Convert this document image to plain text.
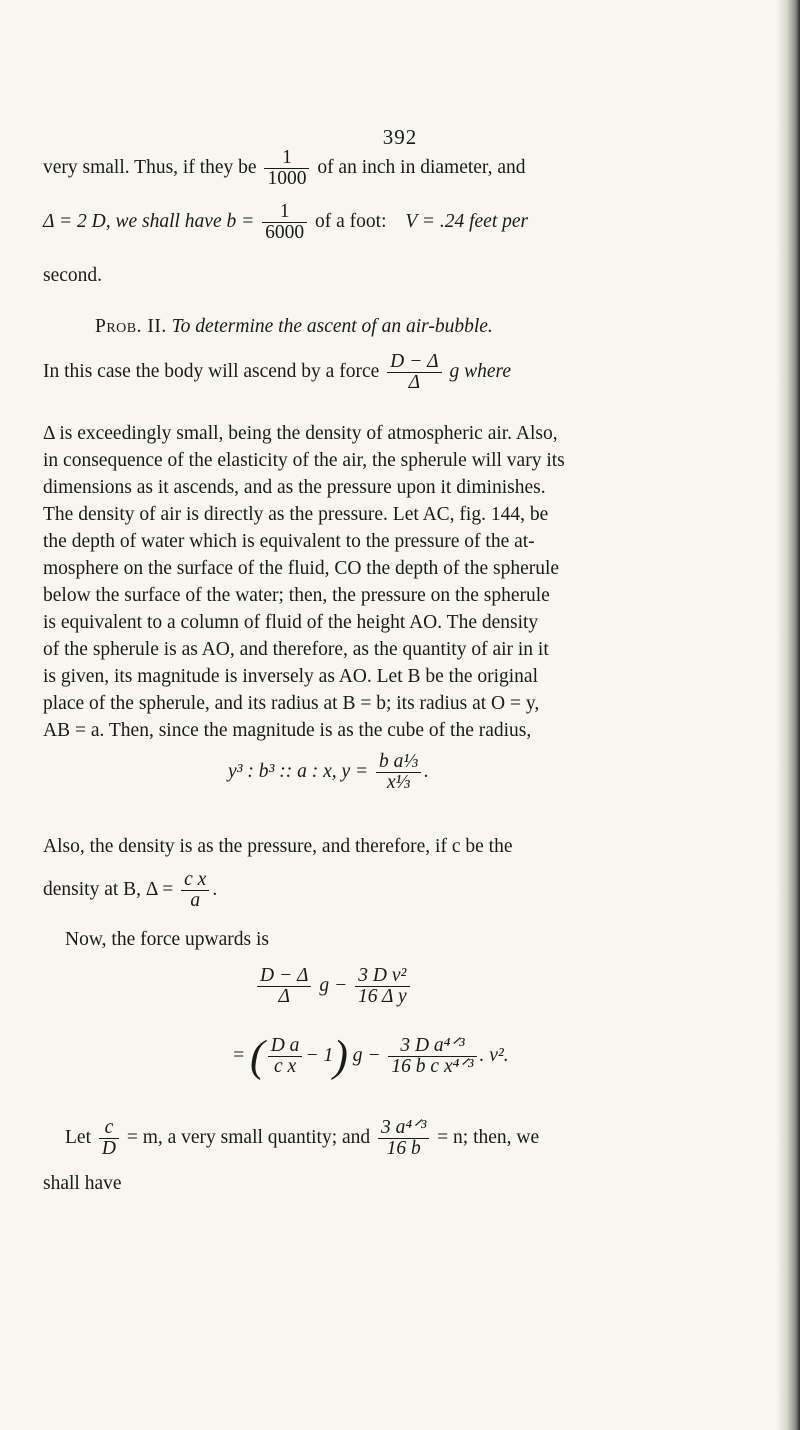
392
very small. Thus, if they be $\frac{1}{1000}$ of an inch in diameter, and
Δ = 2 D, we shall have $b = \frac{1}{6000}$ of a foot: V = .24 feet per
second.
Prob. II. To determine the ascent of an air-bubble.
In this case the body will ascend by a force $\frac{D - \Delta}{\Delta}$ g where
Δ is exceedingly small, being the density of atmospheric air. Also,
in consequence of the elasticity of the air, the spherule will vary its
dimensions as it ascends, and as the pressure upon it diminishes.
The density of air is directly as the pressure. Let AC, fig. 144, be
the depth of water which is equivalent to the pressure of the at-
mosphere on the surface of the fluid, CO the depth of the spherule
below the surface of the water; then, the pressure on the spherule
is equivalent to a column of fluid of the height AO. The density
of the spherule is as AO, and therefore, as the quantity of air in it
is given, its magnitude is inversely as AO. Let B be the original
place of the spherule, and its radius at B = b; its radius at O = y,
AB = a. Then, since the magnitude is as the cube of the radius,
y³ : b³ :: a : x, $y = \frac{\text{b a⅓}}{\text{x⅓}}$ .
Also, the density is as the pressure, and therefore, if c be the
density at B, $\Delta = \frac{\text{c x}}{a}$ .
Now, the force upwards is
$\frac{D - \Delta}{\Delta}$ $g - \frac{\text{3 D v²}}{\text{16 Δ y}}$
= ( $\frac{\text{D a}}{\text{c x}} - 1$) $g - \frac{\text{3 D a⁴ᐟ³}}{\text{16 b c x⁴ᐟ³}}$ . v².
Let $\frac{c}{D} = m$, a very small quantity; and $\frac{\text{3 a⁴ᐟ³}}{16 b} = n$; then, we
shall have
